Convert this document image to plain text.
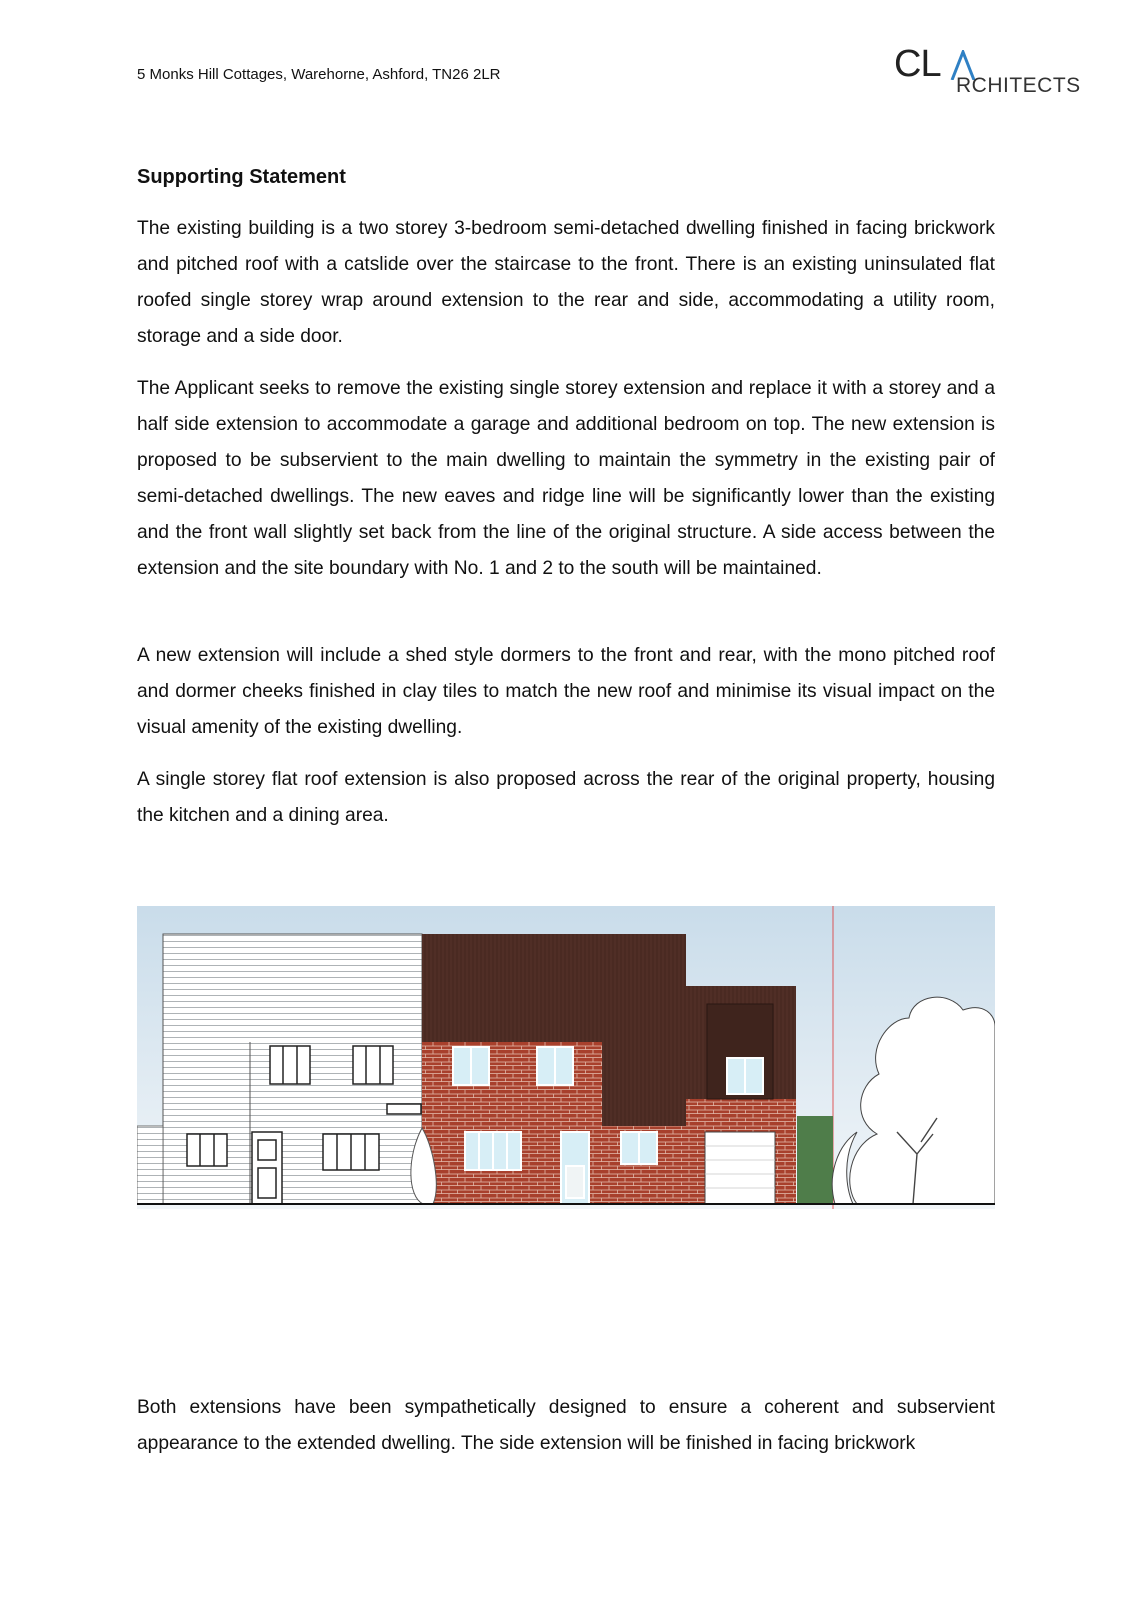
5 Monks Hill Cottages, Warehorne, Ashford, TN26 2LR	CL
RCHITECTS
Supporting Statement

The existing building is a two storey 3-bedroom semi-detached dwelling finished in facing brickwork and pitched roof with a catslide over the staircase to the front. There is an existing uninsulated flat roofed single storey wrap around extension to the rear and side, accommodating a utility room, storage and a side door.

The Applicant seeks to remove the existing single storey extension and replace it with a storey and a half side extension to accommodate a garage and additional bedroom on top. The new extension is proposed to be subservient to the main dwelling to maintain the symmetry in the existing pair of semi-detached dwellings. The new eaves and ridge line will be significantly lower than the existing and the front wall slightly set back from the line of the original structure. A side access between the extension and the site boundary with No. 1 and 2 to the south will be maintained.

A new extension will include a shed style dormers to the front and rear, with the mono pitched roof and dormer cheeks finished in clay tiles to match the new roof and minimise its visual impact on the visual amenity of the existing dwelling.

A single storey flat roof extension is also proposed across the rear of the original property, housing the kitchen and a dining area.

Both extensions have been sympathetically designed to ensure a coherent and subservient appearance to the extended dwelling. The side extension will be finished in facing brickwork
